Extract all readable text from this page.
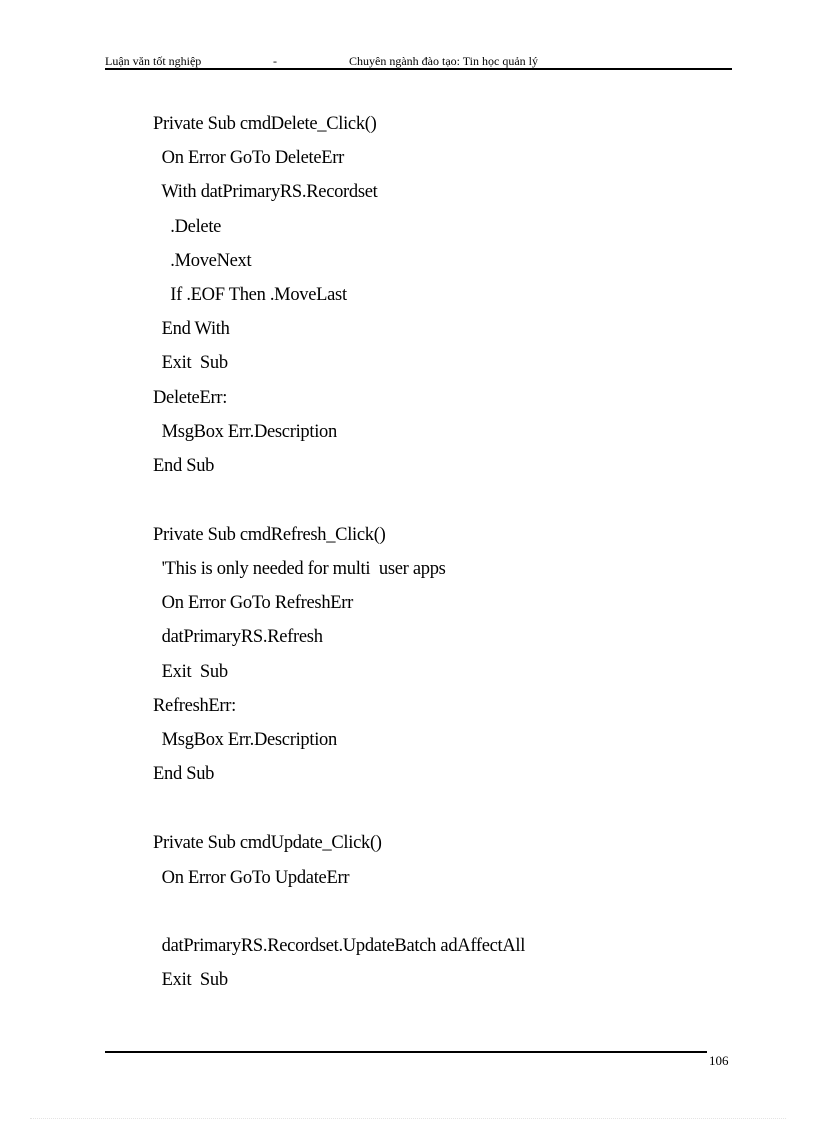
Luận văn tốt nghiệp	-	Chuyên ngành đào tạo: Tin học quản lý
Private Sub cmdDelete_Click()
On Error GoTo DeleteErr
With datPrimaryRS.Recordset
.Delete
.MoveNext
If .EOF Then .MoveLast
End With
Exit  Sub
DeleteErr:
MsgBox Err.Description
End Sub
Private Sub cmdRefresh_Click()
'This is only needed for multi  user apps
On Error GoTo RefreshErr
datPrimaryRS.Refresh
Exit  Sub
RefreshErr:
MsgBox Err.Description
End Sub
Private Sub cmdUpdate_Click()
On Error GoTo UpdateErr
datPrimaryRS.Recordset.UpdateBatch adAffectAll
Exit  Sub
106
